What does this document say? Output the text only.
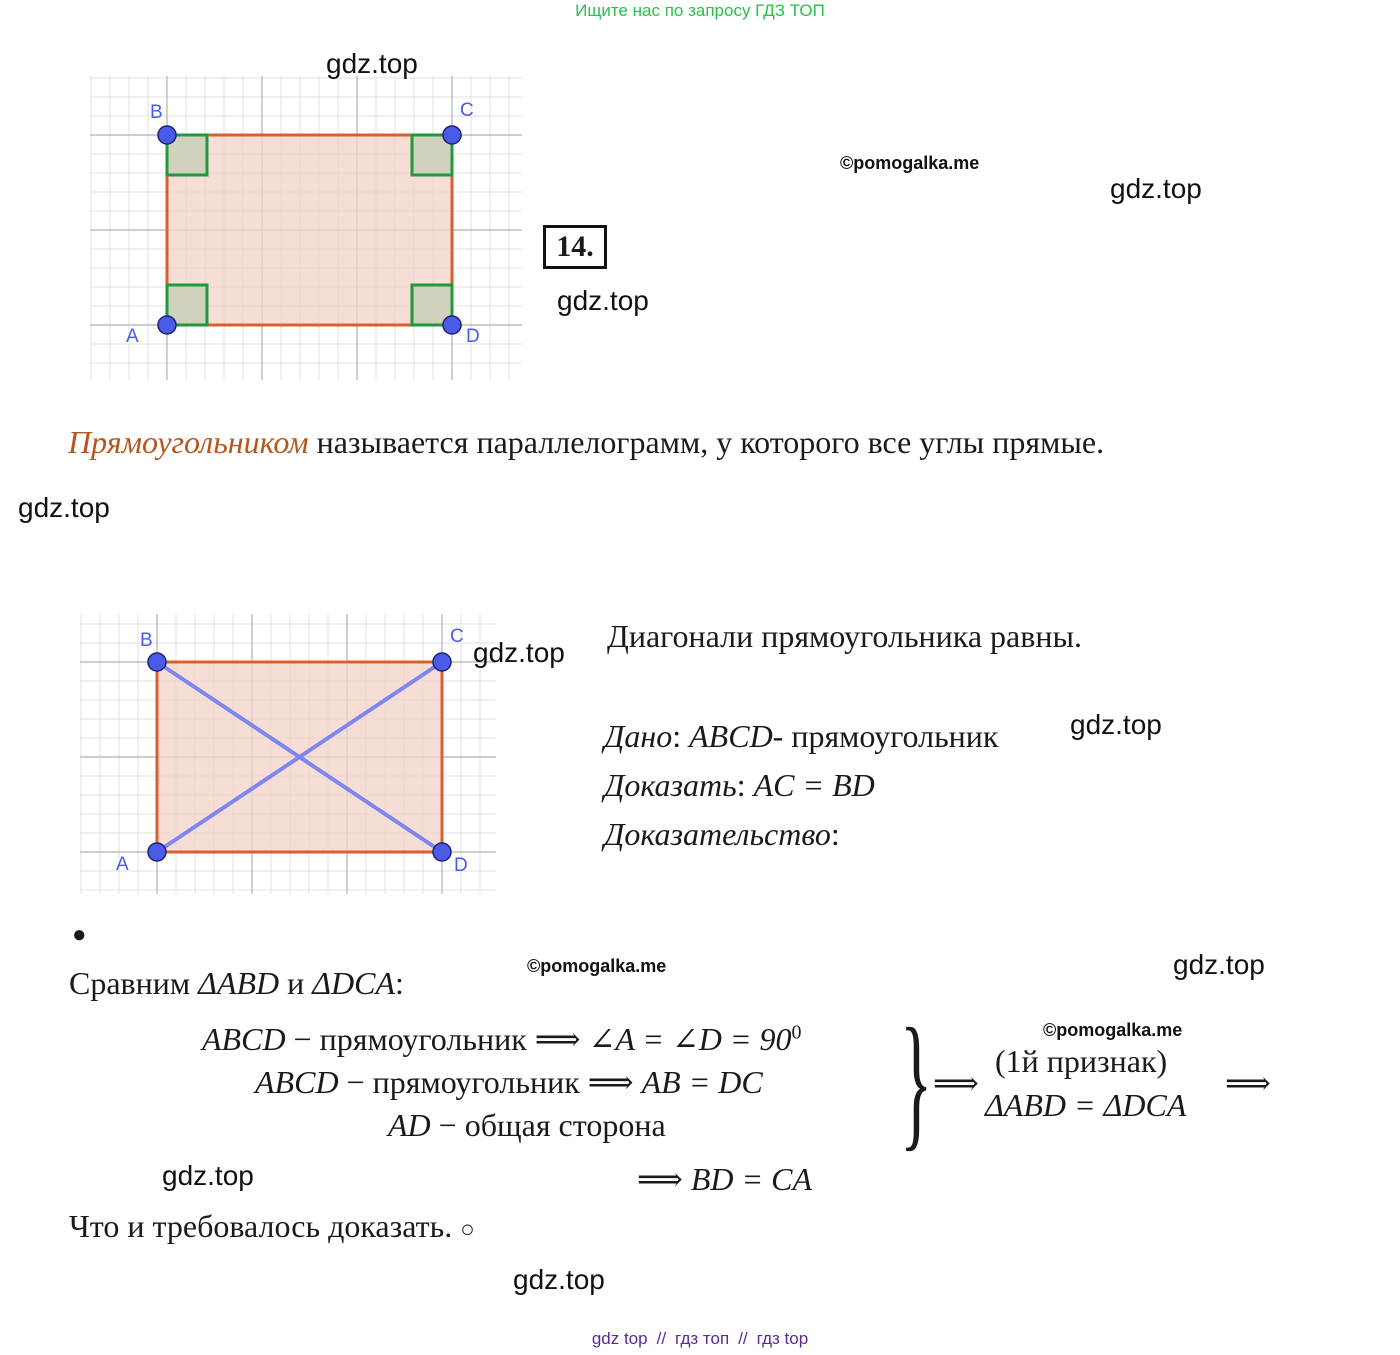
Ищите нас по запросу ГДЗ ТОП
B	C
A	D
gdz.top
©pomogalka.me
gdz.top
14.
gdz.top
Прямоугольником называется параллелограмм, у которого все углы прямые.
gdz.top
B	C
A	D
gdz.top Диагонали прямоугольника равны.
Дано: ABCD- прямоугольник	gdz.top
Доказать: AC = BD
Доказательство:
●
Сравним ΔABD и ΔDCA:	©pomogalka.me	gdz.top
ABCD − прямоугольник ⟹ ∠A = ∠D = $90^0$
ABCD − прямоугольник ⟹ AB = DC
AD − общая сторона } ⟹
©pomogalka.me
(1й признак)
ΔABD = ΔDCA
⟹
gdz.top	⟹ BD = CA
Что и требовалось доказать. ○
gdz.top
gdz top // гдз топ // гдз top
